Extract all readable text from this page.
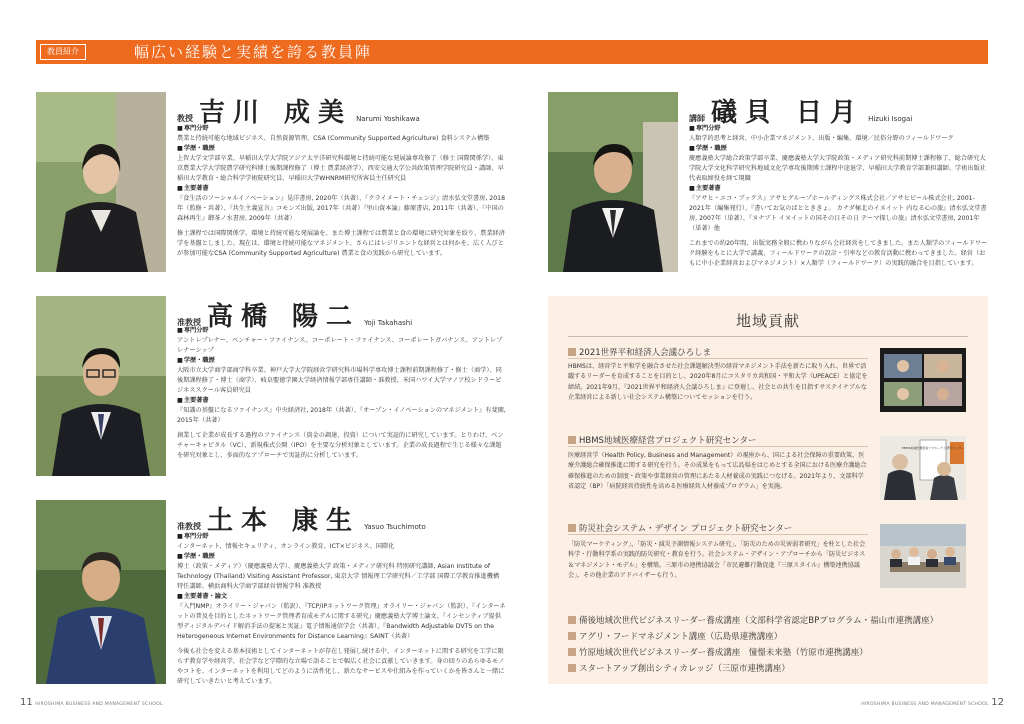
教員紹介	幅広い経験と実績を誇る教員陣
教授 吉川 成美 Narumi Yoshikawa

■ 専門分野

農業と持続可能な地域ビジネス、自然資源管理、CSA (Community Supported Agriculture) 食料システム構築

■ 学歴・職歴

上智大学文学部卒業、早稲田大学大学院アジア太平洋研究科環境と持続可能な発展論専攻修了（修士 国際関係学）、東京農業大学大学院農学研究科博士後期課程修了（博士 農業経済学）、西安交通大学公共政策管理学院研究員・講師、早稲田大学教育・総合科学学術院研究員、早稲田大学WHNRM研究所客員主任研究員

■ 主要著書

『食生活のソーシャルイノベーション』晃洋書房, 2020年（共著）、『クライメート・チェンジ』清水弘文堂書房, 2018年（監修・共著）、『共生主義宣言』コモンズ出版, 2017年（共著）『里山資本論』藤原書店, 2011年（共著）、『中国の森林再生』御茶ノ水書房, 2009年（共著）

修士課程では国際関係学、環境と持続可能な発展論を、また博士課程では農業と食の環境に研究対象を絞り、農業経済学を基盤としました。現在は、環境と持続可能なマネジメント、さらにはレジリエントな経営とは何かを、広く人びとが参加可能なCSA (Community Supported Agriculture) 農業と食の実践から研究しています。

講師 礒貝 日月 Hizuki Isogai

■ 専門分野

人類学的思考と経営、中小企業マネジメント、出版・編集、環境／民俗分野のフィールドワーク

■ 学歴・職歴

慶應義塾大学総合政策学部卒業、慶應義塾大学大学院政策・メディア研究科前期博士課程修了、総合研究大学院大学文化科学研究科地域文化学専攻後期博士課程中途退学、早稲田大学教育学部兼担講師、学術出版社代表取締役を経て現職

■ 主要著書

『アサヒ・エコ・ブックス』アサヒグループホールディングス株式会社／アサヒビール株式会社, 2001-2021年（編集発行）、『書いてお気のばととききょ。 カナダ極北のイヌイット 内なる心の旅』清水弘文堂書房, 2007年（単著）、『ヌナブト イヌイットの国その日その日 テーマ探しの旅』清水弘文堂書房, 2001年（単著）他

これまでの約20年間、出版実務全般に携わりながら会社経営をしてきました。また人類学のフィールドワーク経験をもとに大学で講義、フィールドワークの設計・引率などの教育活動に携わってきました。経営（おもに中小企業経営およびマネジメント）×人類学（フィールドワーク）の実践的融合を目指しています。

准教授 高橋 陽二 Yoji Takahashi

■ 専門分野

アントレプレナー、ベンチャー・ファイナンス、コーポレート・ファイナンス、コーポレートガバナンス、アントレプレナーシップ

■ 学歴・職歴

大阪市立大学商学部商学科卒業、神戸大学大学院経営学研究科市場科学専攻博士課程前期課程修了・修士（商学）、同後期課程修了・博士（商学）、岐阜聖徳学園大学経済情報学部専任講師・准教授、米国ハワイ大学マノア校シドラービジネススクール客員研究員

■ 主要著書

『知識の基盤になるファイナンス』中央経済社, 2018年（共著）、『オープン・イノベーションのマネジメント』有斐閣, 2015年（共著）

創業して企業が成長する過程のファイナンス（資金の調達、投資）について実証的に研究しています。とりわけ、ベンチャーキャピタル（VC）、新規株式公開（IPO）を主要な分析対象としています。企業の成長過程で生じる様々な課題を研究対象とし、多面的なアプローチで実証的に分析しています。

准教授 土本 康生 Yasuo Tsuchimoto

■ 専門分野

インターネット、情報セキュリティ、オンライン教育、ICT×ビジネス、国際化

■ 学歴・職歴

博士（政策・メディア）（慶應義塾大学）、慶應義塾大学 政策・メディア研究科 特別研究講師, Asian Institute of Technology (Thailand) Visiting Assistant Professor, 東京大学 情報理工学研究科／工学部 国際工学教育推進機構 特任講師、横浜商科大学商学部経営情報学科 准教授

■ 主要著書・論文

『入門NMP』オライリー・ジャパン（監訳）、『TCP/IPネットワーク管理』オライリー・ジャパン（監訳）、『インターネットの普及を目的としたネットワーク管理者育成モデルに関する研究』慶應義塾大学博士論文、『インセンティブ提供型ディジタルデバイド解消手法の提案と実証』電子情報通信学会（共著）、『Bandwidth Adjustable DVTS on the Heterogeneous Internet Environments for Distance Learning』SAINT（共著）

今後も社会を変える基本技術としてインターネットが存在し発展し続ける中、インターネットに関する研究を工学に限らず教育学や経営学、社会学など学際的な立場で語ることで幅広く社会に貢献していきます。身の回りのあらゆるモノやコトを、インターネットを利用してどのように活性化し、新たなサービスや仕組みを作っていくかを皆さんと一緒に研究していきたいと考えています。

地域貢献
2021世界平和経済人会議ひろしま
HBMSは、経営学と平和学を融合させた社会課題解決型の経営マネジメント手法を新たに取り入れ、世界で活躍するリーダーを育成することを目的とし、2020年8月にコスタリカ共和国・平和大学（UPEACE）と協定を締結。2021年9月、『2021世界平和経済人会議ひろしま』に登壇し、社会との共生を目指すサステイナブルな企業経営による新しい社会システム構築についてセッションを行う。
HBMS地域医療経営プロジェクト研究センター
医療経営学（Health Policy, Business and Management）の視座から、国による社会保障の重要政策、医療介護総合確保推進に関する研究を行う。その成果をもって広島県をはじめとする全国における医療介護総合確保推進のための制度・政策や事業経営の管理にあたる人材養成の実践につなげる。2021年より、文部科学省認定（BP）「病院経営持続性を高める医療経営人材養成プログラム」を実施。
HBMS地域医療経営プロジェクト研究センター
防災社会システム・デザイン プロジェクト研究センター
「防災マーケティング」、「防災・減災予測情報システム研究」、「防災のための災害弱者研究」を柱とした社会科学・行動科学系の実践的防災研究・教育を行う。社会システム・デザイン・アプローチから「防災ビジネス＆マネジメント・モデル」を構築。三原市の連携協議会「市民避難行動促進『三原スタイル』構築連携協議会」、その他企業のアドバイザーも行う。
備後地域次世代ビジネスリーダー養成講座（文部科学省認定BPプログラム・福山市連携講座）
アグリ・フードマネジメント講座（広島県連携講座）
竹原地域次世代ビジネスリーダー養成講座　憧憬未来塾（竹原市連携講座）
スタートアップ創出シティカレッジ（三原市連携講座）
11 HIROSHIMA BUSINESS AND MANAGEMENT SCHOOL	HIROSHIMA BUSINESS AND MANAGEMENT SCHOOL 12
